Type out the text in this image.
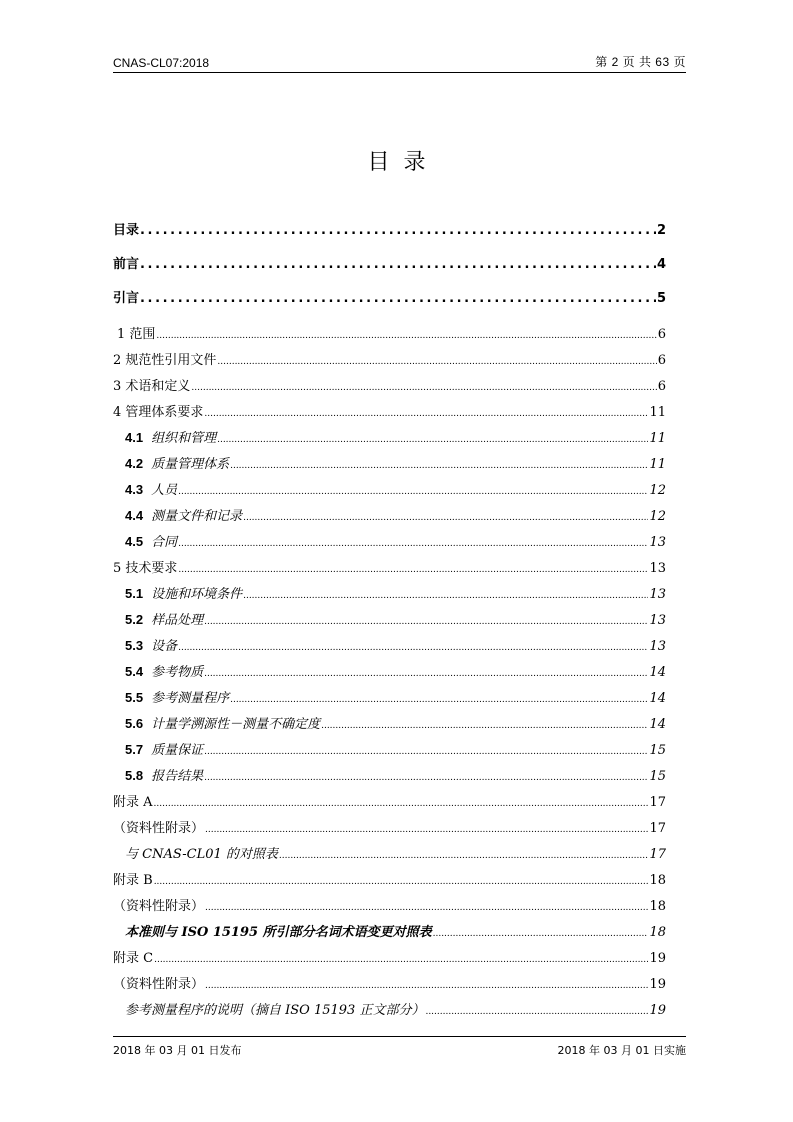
CNAS-CL07:2018	第 2 页 共 63 页
目录
目录 .....	2
前言 .....	4
引言 .....	5
1 范围 .....	6
2 规范性引用文件 .....	6
3 术语和定义 .....	6
4 管理体系要求 .....	11
4.1 组织和管理 .....	11
4.2 质量管理体系 .....	11
4.3 人员 .....	12
4.4 测量文件和记录 .....	12
4.5 合同 .....	13
5 技术要求 .....	13
5.1 设施和环境条件 .....	13
5.2 样品处理 .....	13
5.3 设备 .....	13
5.4 参考物质 .....	14
5.5 参考测量程序 .....	14
5.6 计量学溯源性－测量不确定度 .....	14
5.7 质量保证 .....	15
5.8 报告结果 .....	15
附录 A .....	17
（资料性附录） .....	17
与 CNAS-CL01 的对照表 .....	17
附录 B .....	18
（资料性附录） .....	18
本准则与 ISO 15195 所引部分名词术语变更对照表 .....	18
附录 C .....	19
（资料性附录） .....	19
参考测量程序的说明（摘自 ISO 15193 正文部分） .....	19
2018 年 03 月 01 日发布	2018 年 03 月 01 日实施
